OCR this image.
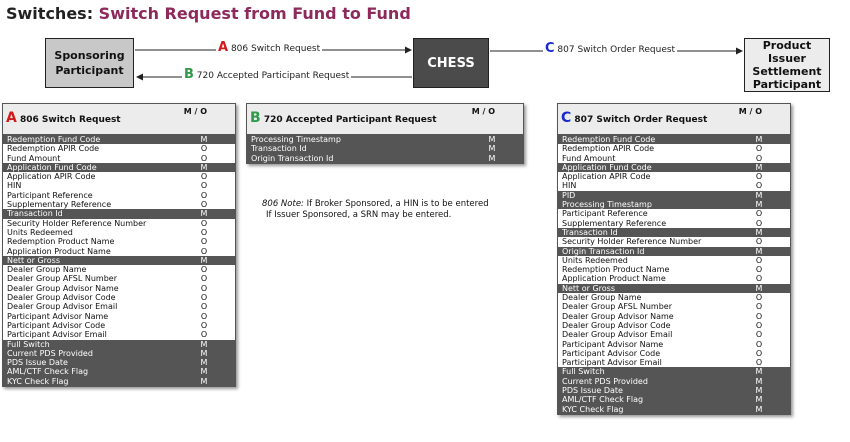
Switches: Switch Request from Fund to Fund
Sponsoring
Participant	CHESS
Product
Issuer
Settlement
Participant
A 806 Switch Request
B 720 Accepted Participant Request
C 807 Switch Order Request
A 806 Switch Request
M / O
Redemption Fund Code	M
Redemption APIR Code	O
Fund Amount	O
Application Fund Code	M
Application APIR Code	O
HIN	O
Participant Reference	O
Supplementary Reference	O
Transaction Id	M
Security Holder Reference Number	O
Units Redeemed	O
Redemption Product Name	O
Application Product Name	O
Nett or Gross	M
Dealer Group Name	O
Dealer Group AFSL Number	O
Dealer Group Advisor Name	O
Dealer Group Advisor Code	O
Dealer Group Advisor Email	O
Participant Advisor Name	O
Participant Advisor Code	O
Participant Advisor Email	O
Full Switch	M
Current PDS Provided	M
PDS Issue Date	M
AML/CTF Check Flag	M
KYC Check Flag	M
B 720 Accepted Participant Request
M / O
Processing Timestamp	M
Transaction Id	M
Origin Transaction Id	M
806 Note: If Broker Sponsored, a HIN is to be entered
If Issuer Sponsored, a SRN may be entered.
C 807 Switch Order Request
M / O
Redemption Fund Code	M
Redemption APIR Code	O
Fund Amount	O
Application Fund Code	M
Application APIR Code	O
HIN	O
PID	M
Processing Timestamp	M
Participant Reference	O
Supplementary Reference	O
Transaction Id	M
Security Holder Reference Number	O
Origin Transaction Id	M
Units Redeemed	O
Redemption Product Name	O
Application Product Name	O
Nett or Gross	M
Dealer Group Name	O
Dealer Group AFSL Number	O
Dealer Group Advisor Name	O
Dealer Group Advisor Code	O
Dealer Group Advisor Email	O
Participant Advisor Name	O
Participant Advisor Code	O
Participant Advisor Email	O
Full Switch	M
Current PDS Provided	M
PDS Issue Date	M
AML/CTF Check Flag	M
KYC Check Flag	M
